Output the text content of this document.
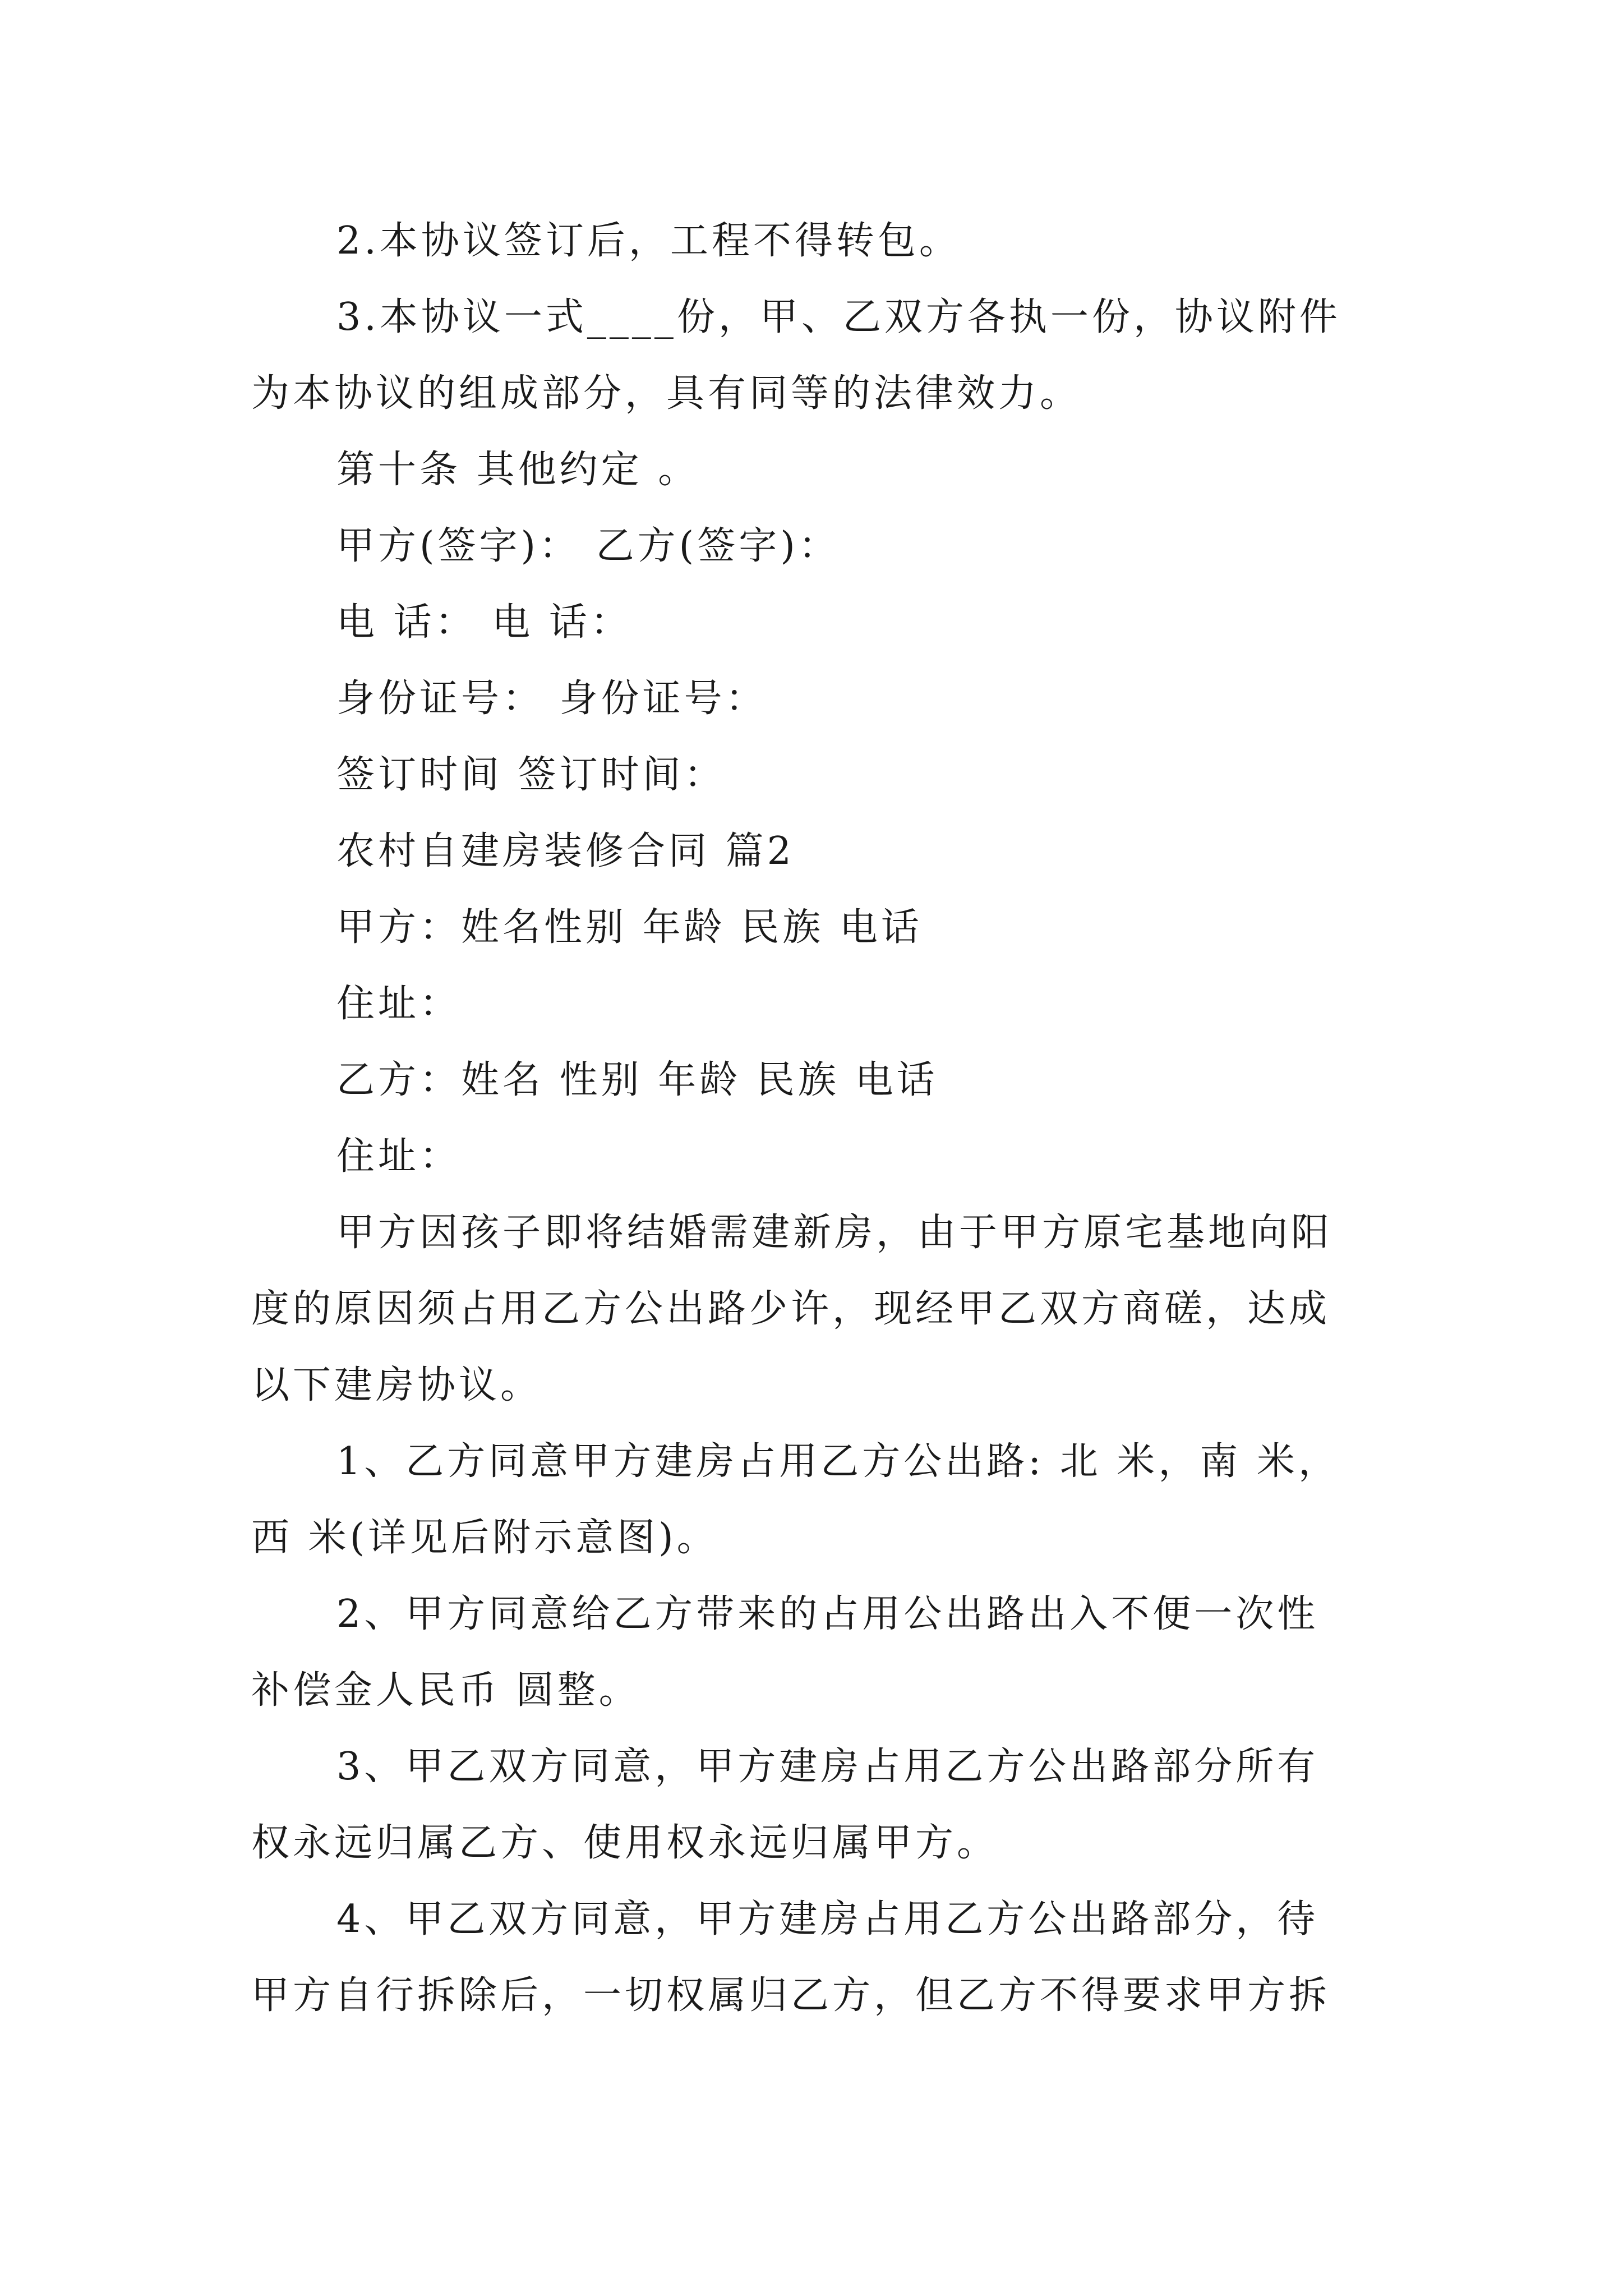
2.本协议签订后，工程不得转包。
3.本协议一式____份，甲、乙双方各执一份，协议附件
为本协议的组成部分，具有同等的法律效力。
第十条 其他约定 。
甲方(签字)： 乙方(签字)：
电 话： 电 话：
身份证号： 身份证号：
签订时间 签订时间：
农村自建房装修合同 篇2
甲方：姓名性别 年龄 民族 电话
住址：
乙方：姓名 性别 年龄 民族 电话
住址：
甲方因孩子即将结婚需建新房，由于甲方原宅基地向阳
度的原因须占用乙方公出路少许，现经甲乙双方商磋，达成
以下建房协议。
1、乙方同意甲方建房占用乙方公出路: 北 米，南 米，
西 米(详见后附示意图)。
2、甲方同意给乙方带来的占用公出路出入不便一次性
补偿金人民币 圆整。
3、甲乙双方同意，甲方建房占用乙方公出路部分所有
权永远归属乙方、使用权永远归属甲方。
4、甲乙双方同意，甲方建房占用乙方公出路部分，待
甲方自行拆除后，一切权属归乙方，但乙方不得要求甲方拆
